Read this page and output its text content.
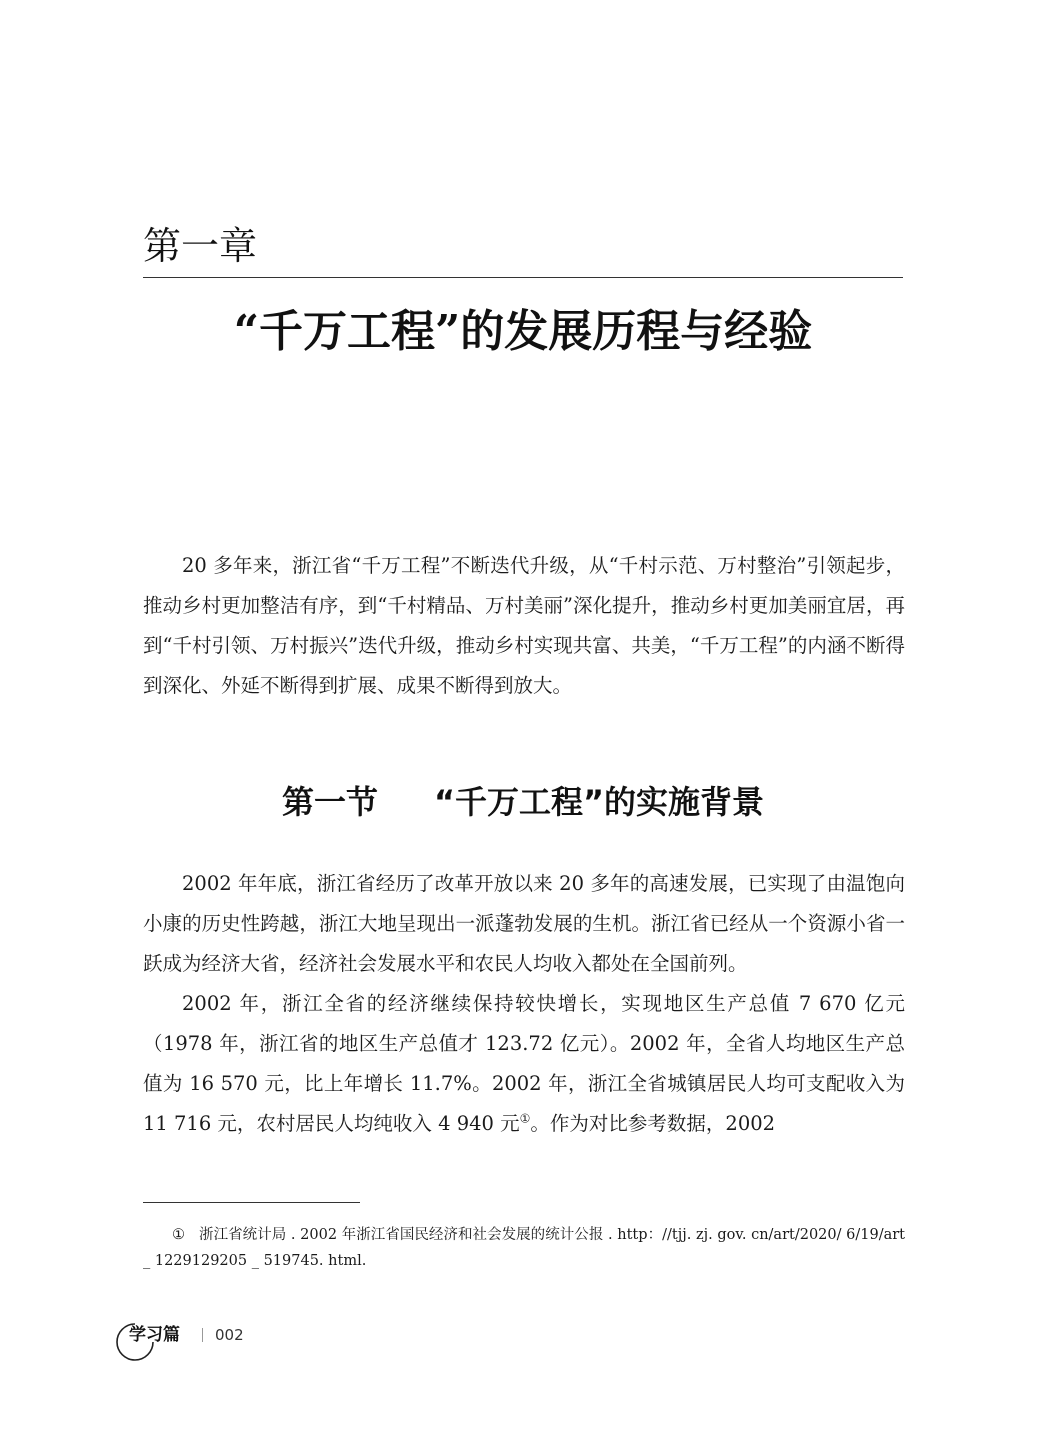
第一章
“千万工程”的发展历程与经验

20 多年来，浙江省“千万工程”不断迭代升级，从“千村示范、万村整治”引领起步，推动乡村更加整洁有序，到“千村精品、万村美丽”深化提升，推动乡村更加美丽宜居，再到“千村引领、万村振兴”迭代升级，推动乡村实现共富、共美，“千万工程”的内涵不断得到深化、外延不断得到扩展、成果不断得到放大。

第一节 “千万工程”的实施背景

2002 年年底，浙江省经历了改革开放以来 20 多年的高速发展，已实现了由温饱向小康的历史性跨越，浙江大地呈现出一派蓬勃发展的生机。浙江省已经从一个资源小省一跃成为经济大省，经济社会发展水平和农民人均收入都处在全国前列。

2002 年，浙江全省的经济继续保持较快增长，实现地区生产总值 7 670 亿元（1978 年，浙江省的地区生产总值才 123.72 亿元）。2002 年，全省人均地区生产总值为 16 570 元，比上年增长 11.7%。2002 年，浙江全省城镇居民人均可支配收入为 11 716 元，农村居民人均纯收入 4 940 元①。作为对比参考数据，2002

① 浙江省统计局 . 2002 年浙江省国民经济和社会发展的统计公报 . http：//tjj. zj. gov. cn/art/2020/ 6/19/art _ 1229129205 _ 519745. html.

学习篇 002
